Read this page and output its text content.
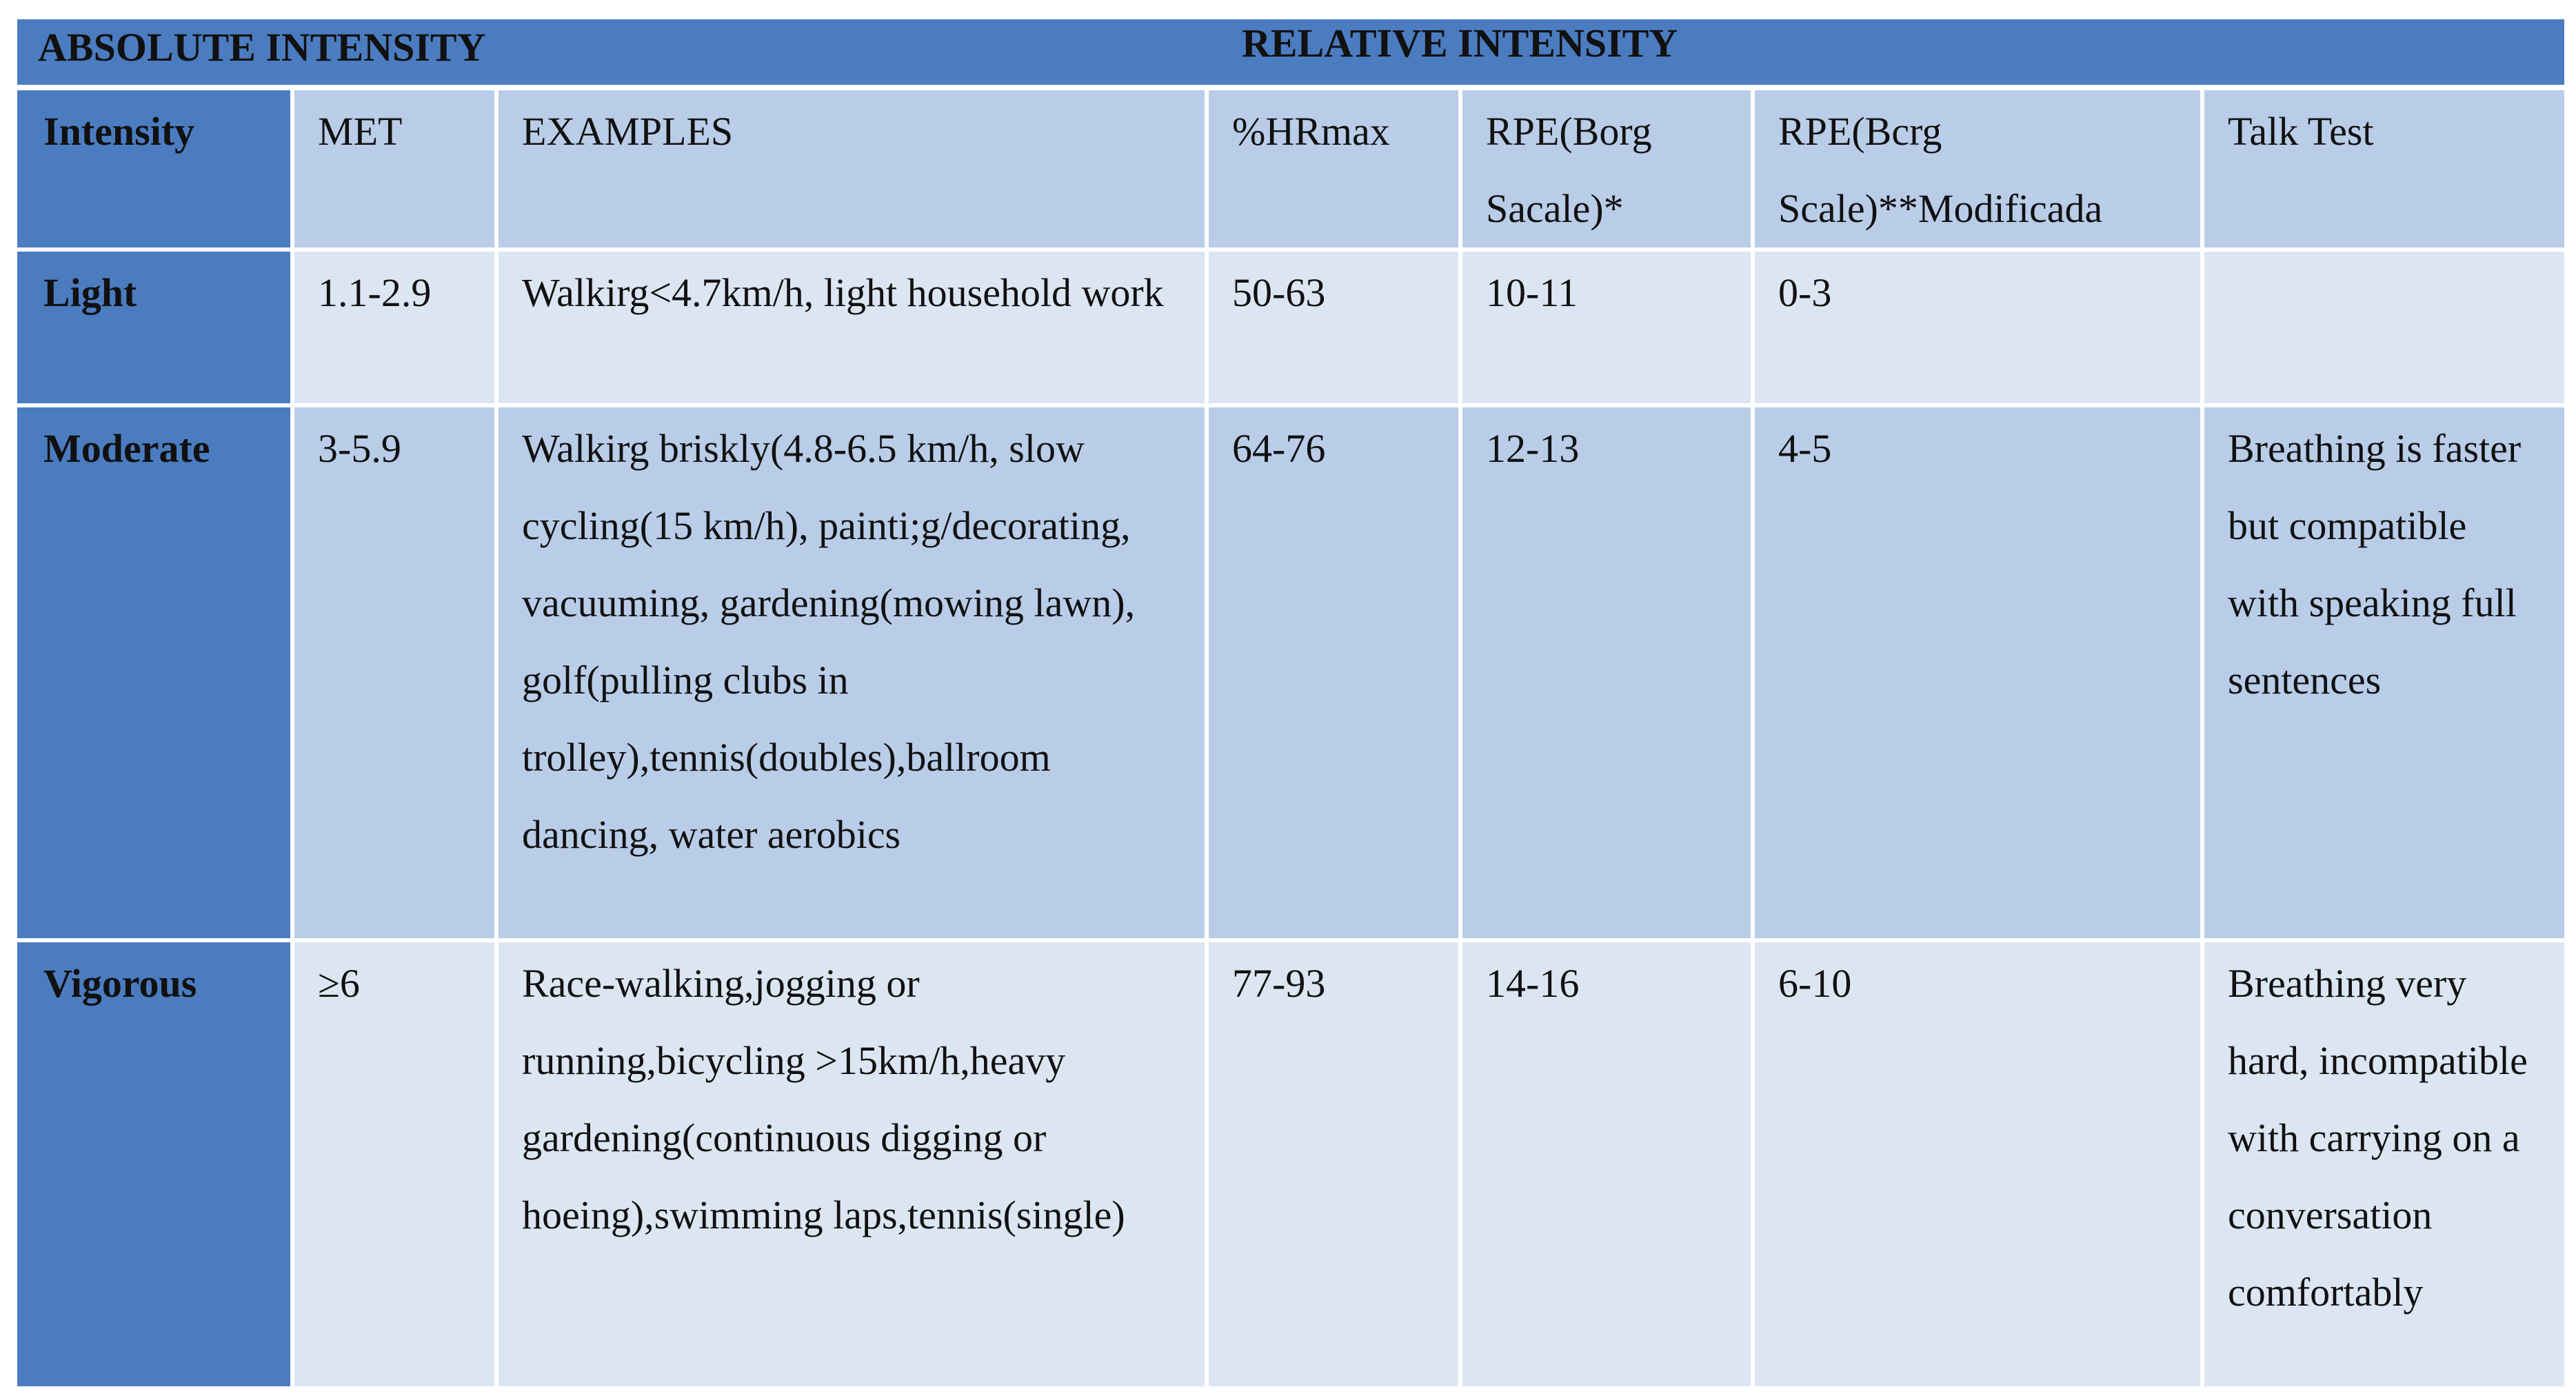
ABSOLUTE INTENSITY RELATIVE INTENSITY						

Intensity	MET	EXAMPLES	%HRmax	RPE(Borg Sacale)*	RPE(Bcrg Scale)**Modificada	Talk Test
Light	1.1-2.9	Walkirg<4.7km/h, light household work	50-63	10-11	0-3	
Moderate	3-5.9	Walkirg briskly(4.8-6.5 km/h, slow cycling(15 km/h), painti;g/decorating, vacuuming, gardening(mowing lawn), golf(pulling clubs in trolley),tennis(doubles),ballroom dancing, water aerobics	64-76	12-13	4-5	Breathing is faster but compatible with speaking full sentences
Vigorous	≥6	Race-walking,jogging or running,bicycling >15km/h,heavy gardening(continuous digging or hoeing),swimming laps,tennis(single)	77-93	14-16	6-10	Breathing very hard, incompatible with carrying on a conversation comfortably
